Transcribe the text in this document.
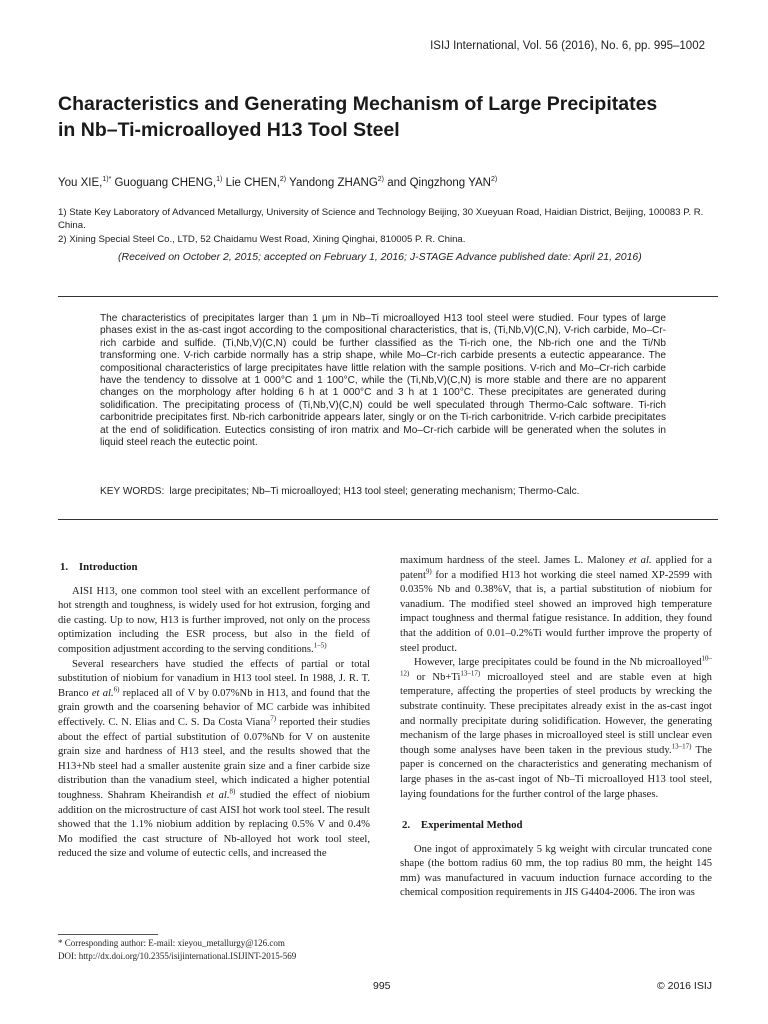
ISIJ International, Vol. 56 (2016), No. 6, pp. 995–1002
Characteristics and Generating Mechanism of Large Precipitates
in Nb–Ti-microalloyed H13 Tool Steel
You XIE,$^{1)*}$ Guoguang CHENG,$^{1)}$ Lie CHEN,$^{2)}$ Yandong ZHANG$^{2)}$ and Qingzhong YAN$^{2)}$
1) State Key Laboratory of Advanced Metallurgy, University of Science and Technology Beijing, 30 Xueyuan Road, Haidian District, Beijing, 100083 P. R. China.
2) Xining Special Steel Co., LTD, 52 Chaidamu West Road, Xining Qinghai, 810005 P. R. China.
(Received on October 2, 2015; accepted on February 1, 2016; J-STAGE Advance published date: April 21, 2016)
The characteristics of precipitates larger than 1 μm in Nb–Ti microalloyed H13 tool steel were studied. Four types of large phases exist in the as-cast ingot according to the compositional characteristics, that is, (Ti,Nb,V)(C,N), V-rich carbide, Mo–Cr-rich carbide and sulfide. (Ti,Nb,V)(C,N) could be further classified as the Ti-rich one, the Nb-rich one and the Ti/Nb transforming one. V-rich carbide normally has a strip shape, while Mo–Cr-rich carbide presents a eutectic appearance. The compositional characteristics of large precipitates have little relation with the sample positions. V-rich and Mo–Cr-rich carbide have the tendency to dissolve at 1 000°C and 1 100°C, while the (Ti,Nb,V)(C,N) is more stable and there are no apparent changes on the morphology after holding 6 h at 1 000°C and 3 h at 1 100°C. These precipitates are generated during solidification. The precipitating process of (Ti,Nb,V)(C,N) could be well speculated through Thermo-Calc software. Ti-rich carbonitride precipitates first. Nb-rich carbonitride appears later, singly or on the Ti-rich carbonitride. V-rich carbide precipitates at the end of solidification. Eutectics consisting of iron matrix and Mo–Cr-rich carbide will be generated when the solutes in liquid steel reach the eutectic point.
KEY WORDS: large precipitates; Nb–Ti microalloyed; H13 tool steel; generating mechanism; Thermo-Calc.
1. Introduction

AISI H13, one common tool steel with an excellent performance of hot strength and toughness, is widely used for hot extrusion, forging and die casting. Up to now, H13 is further improved, not only on the process optimization including the ESR process, but also in the field of composition adjustment according to the serving conditions.$^{1-5)}$

Several researchers have studied the effects of partial or total substitution of niobium for vanadium in H13 tool steel. In 1988, J. R. T. Branco et al.$^{6)}$ replaced all of V by 0.07%Nb in H13, and found that the grain growth and the coarsening behavior of MC carbide was inhibited effectively. C. N. Elias and C. S. Da Costa Viana$^{7)}$ reported their studies about the effect of partial substitution of 0.07%Nb for V on austenite grain size and hardness of H13 steel, and the results showed that the H13+Nb steel had a smaller austenite grain size and a finer carbide size distribution than the vanadium steel, which indicated a higher potential toughness. Shahram Kheirandish et al.$^{8)}$ studied the effect of niobium addition on the microstructure of cast AISI hot work tool steel. The result showed that the 1.1% niobium addition by replacing 0.5% V and 0.4% Mo modified the cast structure of Nb-alloyed hot work tool steel, reduced the size and volume of eutectic cells, and increased the

maximum hardness of the steel. James L. Maloney et al. applied for a patent$^{9)}$ for a modified H13 hot working die steel named XP-2599 with 0.035% Nb and 0.38%V, that is, a partial substitution of niobium for vanadium. The modified steel showed an improved high temperature impact toughness and thermal fatigue resistance. In addition, they found that the addition of 0.01–0.2%Ti would further improve the property of steel product.

However, large precipitates could be found in the Nb microalloyed$^{10-12)}$ or $Nb+Ti^{13-17)}$ microalloyed steel and are stable even at high temperature, affecting the properties of steel products by wrecking the substrate continuity. These precipitates already exist in the as-cast ingot and normally precipitate during solidification. However, the generating mechanism of the large phases in microalloyed steel is still unclear even though some analyses have been taken in the previous study.$^{13-17)}$ The paper is concerned on the characteristics and generating mechanism of large phases in the as-cast ingot of Nb–Ti microalloyed H13 tool steel, laying foundations for the further control of the large phases.

2. Experimental Method

One ingot of approximately 5 kg weight with circular truncated cone shape (the bottom radius 60 mm, the top radius 80 mm, the height 145 mm) was manufactured in vacuum induction furnace according to the chemical composition requirements in JIS G4404-2006. The iron was

* Corresponding author: E-mail: xieyou_metallurgy@126.com
DOI: http://dx.doi.org/10.2355/isijinternational.ISIJINT-2015-569
995	© 2016 ISIJ
